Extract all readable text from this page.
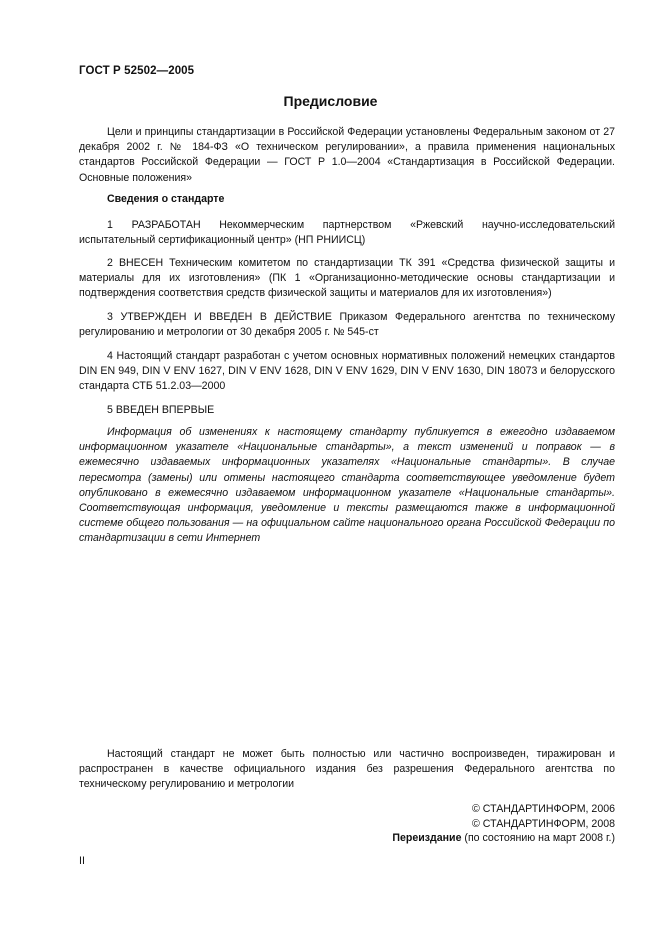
ГОСТ Р 52502—2005
Предисловие

Цели и принципы стандартизации в Российской Федерации установлены Федеральным законом от 27 декабря 2002 г. № 184-ФЗ «О техническом регулировании», а правила применения национальных стандартов Российской Федерации — ГОСТ Р 1.0—2004 «Стандартизация в Российской Федерации. Основные положения»

Сведения о стандарте

1 РАЗРАБОТАН Некоммерческим партнерством «Ржевский научно-исследовательский испытательный сертификационный центр» (НП РНИИСЦ)

2 ВНЕСЕН Техническим комитетом по стандартизации ТК 391 «Средства физической защиты и материалы для их изготовления» (ПК 1 «Организационно-методические основы стандартизации и подтверждения соответствия средств физической защиты и материалов для их изготовления»)

3 УТВЕРЖДЕН И ВВЕДЕН В ДЕЙСТВИЕ Приказом Федерального агентства по техническому регулированию и метрологии от 30 декабря 2005 г. № 545-ст

4 Настоящий стандарт разработан с учетом основных нормативных положений немецких стандартов DIN EN 949, DIN V ENV 1627, DIN V ENV 1628, DIN V ENV 1629, DIN V ENV 1630, DIN 18073 и белорусского стандарта СТБ 51.2.03—2000

5 ВВЕДЕН ВПЕРВЫЕ

Информация об изменениях к настоящему стандарту публикуется в ежегодно издаваемом информационном указателе «Национальные стандарты», а текст изменений и поправок — в ежемесячно издаваемых информационных указателях «Национальные стандарты». В случае пересмотра (замены) или отмены настоящего стандарта соответствующее уведомление будет опубликовано в ежемесячно издаваемом информационном указателе «Национальные стандарты». Соответствующая информация, уведомление и тексты размещаются также в информационной системе общего пользования — на официальном сайте национального органа Российской Федерации по стандартизации в сети Интернет

Настоящий стандарт не может быть полностью или частично воспроизведен, тиражирован и распространен в качестве официального издания без разрешения Федерального агентства по техническому регулированию и метрологии

© СТАНДАРТИНФОРМ, 2006
© СТАНДАРТИНФОРМ, 2008
Переиздание (по состоянию на март 2008 г.)
II
